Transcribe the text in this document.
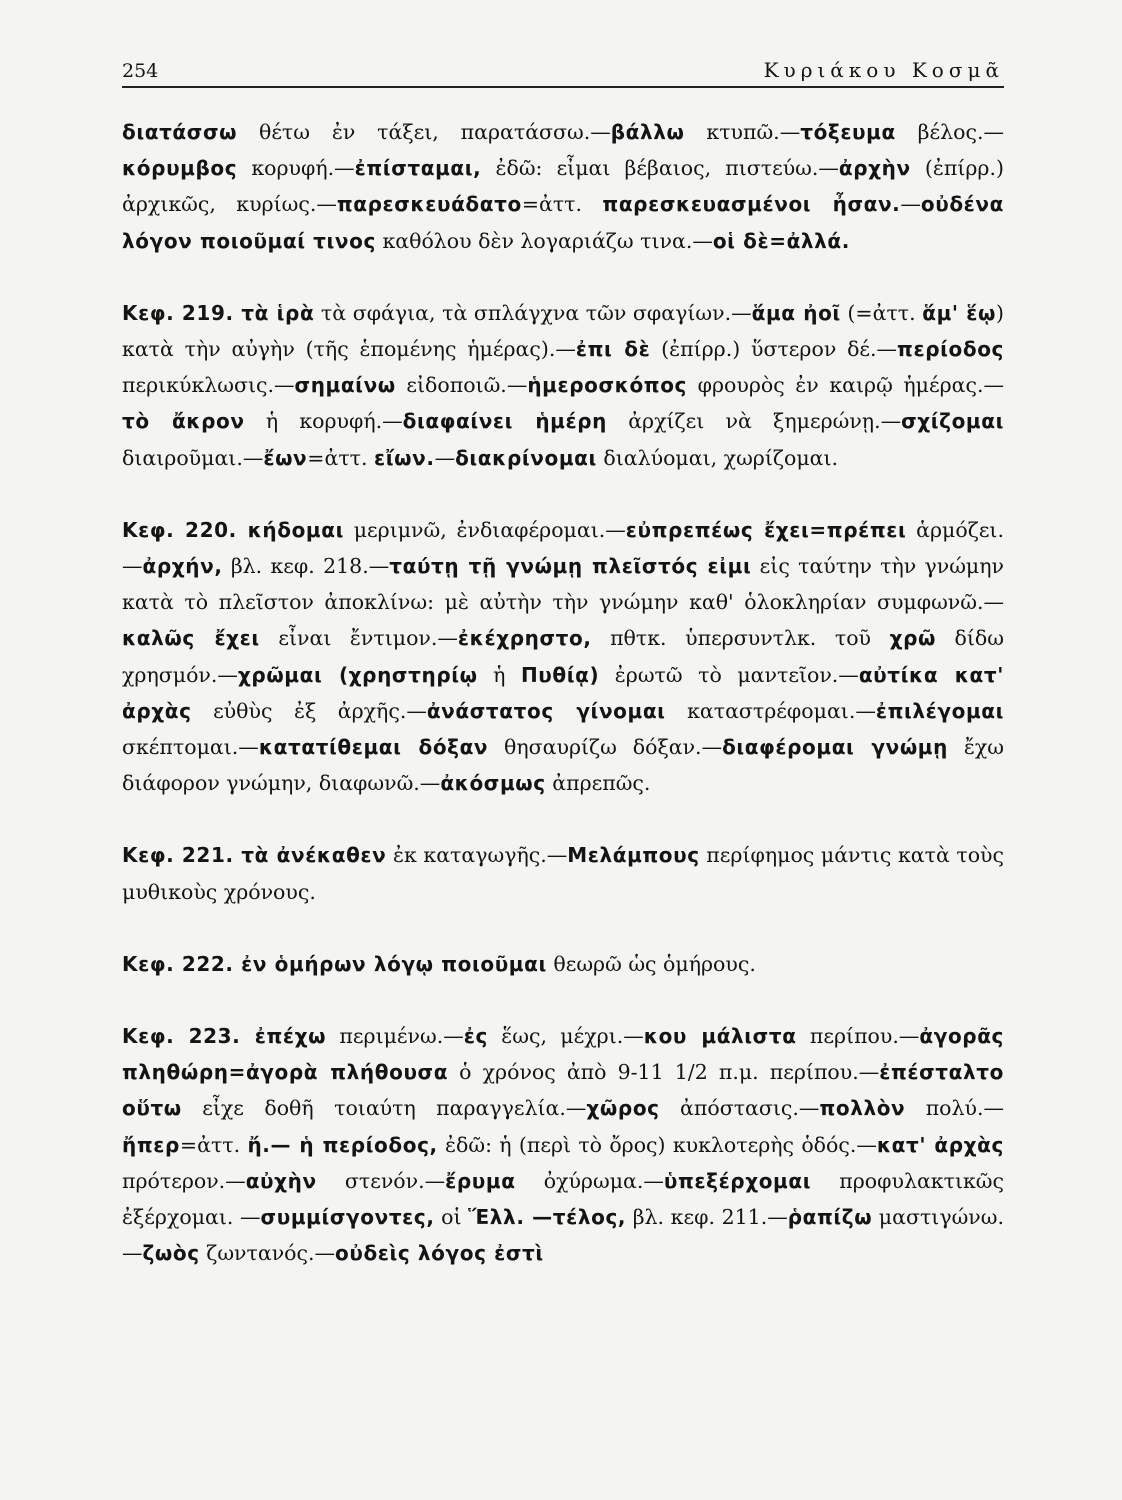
254	Κυριάκου Κοσμᾶ

διατάσσω θέτω ἐν τάξει, παρατάσσω.—βάλλω κτυπῶ.—τόξευμα βέλος.—κόρυμβος κορυφή.—ἐπίσταμαι, ἐδῶ: εἶμαι βέβαιος, πιστεύω.—ἀρχὴν (ἐπίρρ.) ἀρχικῶς, κυρίως.—παρεσκευάδατο=ἀττ. παρεσκευασμένοι ἦσαν.—οὐδένα λόγον ποιοῦμαί τινος καθόλου δὲν λογαριάζω τινα.—οἱ δὲ=ἀλλά.

Κεφ. 219. τὰ ἱρὰ τὰ σφάγια, τὰ σπλάγχνα τῶν σφαγίων.—ἅμα ἠοῖ (=ἀττ. ἅμ' ἕῳ) κατὰ τὴν αὐγὴν (τῆς ἑπομένης ἡμέρας).—ἐπι δὲ (ἐπίρρ.) ὕστερον δέ.—περίοδος περικύκλωσις.—σημαίνω εἰδοποιῶ.—ἡμεροσκόπος φρουρὸς ἐν καιρῷ ἡμέρας.—τὸ ἄκρον ἡ κορυφή.—διαφαίνει ἡμέρη ἀρχίζει νὰ ξημερώνῃ.—σχίζομαι διαιροῦμαι.—ἔων=ἀττ. εἴων.—διακρίνομαι διαλύομαι, χωρίζομαι.

Κεφ. 220. κήδομαι μεριμνῶ, ἐνδιαφέρομαι.—εὐπρεπέως ἔχει=πρέπει ἁρμόζει.—ἀρχήν, βλ. κεφ. 218.—ταύτῃ τῇ γνώμῃ πλεῖστός εἰμι εἰς ταύτην τὴν γνώμην κατὰ τὸ πλεῖστον ἀποκλίνω: μὲ αὐτὴν τὴν γνώμην καθ' ὁλοκληρίαν συμφωνῶ.—καλῶς ἔχει εἶναι ἔντιμον.—ἐκέχρηστο, πθτκ. ὑπερσυντλκ. τοῦ χρῶ δίδω χρησμόν.—χρῶμαι (χρηστηρίῳ ἡ Πυθίᾳ) ἐρωτῶ τὸ μαντεῖον.—αὐτίκα κατ' ἀρχὰς εὐθὺς ἐξ ἀρχῆς.—ἀνάστατος γίνομαι καταστρέφομαι.—ἐπιλέγομαι σκέπτομαι.—κατατίθεμαι δόξαν θησαυρίζω δόξαν.—διαφέρομαι γνώμῃ ἔχω διάφορον γνώμην, διαφωνῶ.—ἀκόσμως ἀπρεπῶς.

Κεφ. 221. τὰ ἀνέκαθεν ἐκ καταγωγῆς.—Μελάμπους περίφημος μάντις κατὰ τοὺς μυθικοὺς χρόνους.

Κεφ. 222. ἐν ὁμήρων λόγῳ ποιοῦμαι θεωρῶ ὡς ὁμήρους.

Κεφ. 223. ἐπέχω περιμένω.—ἐς ἕως, μέχρι.—κου μάλιστα περίπου.—ἀγορᾶς πληθώρη=ἀγορὰ πλήθουσα ὁ χρόνος ἀπὸ 9-11 1/2 π.μ. περίπου.—ἐπέσταλτο οὕτω εἶχε δοθῆ τοιαύτη παραγγελία.—χῶρος ἀπόστασις.—πολλὸν πολύ.—ἤπερ=ἀττ. ἤ.— ἡ περίοδος, ἐδῶ: ἡ (περὶ τὸ ὄρος) κυκλοτερὴς ὁδός.—κατ' ἀρχὰς πρότερον.—αὐχὴν στενόν.—ἔρυμα ὀχύρωμα.—ὑπεξέρχομαι προφυλακτικῶς ἐξέρχομαι. —συμμίσγοντες, οἱ Ἕλλ. —τέλος, βλ. κεφ. 211.—ῥαπίζω μαστιγώνω.—ζωὸς ζωντανός.—οὐδεὶς λόγος ἐστὶ
